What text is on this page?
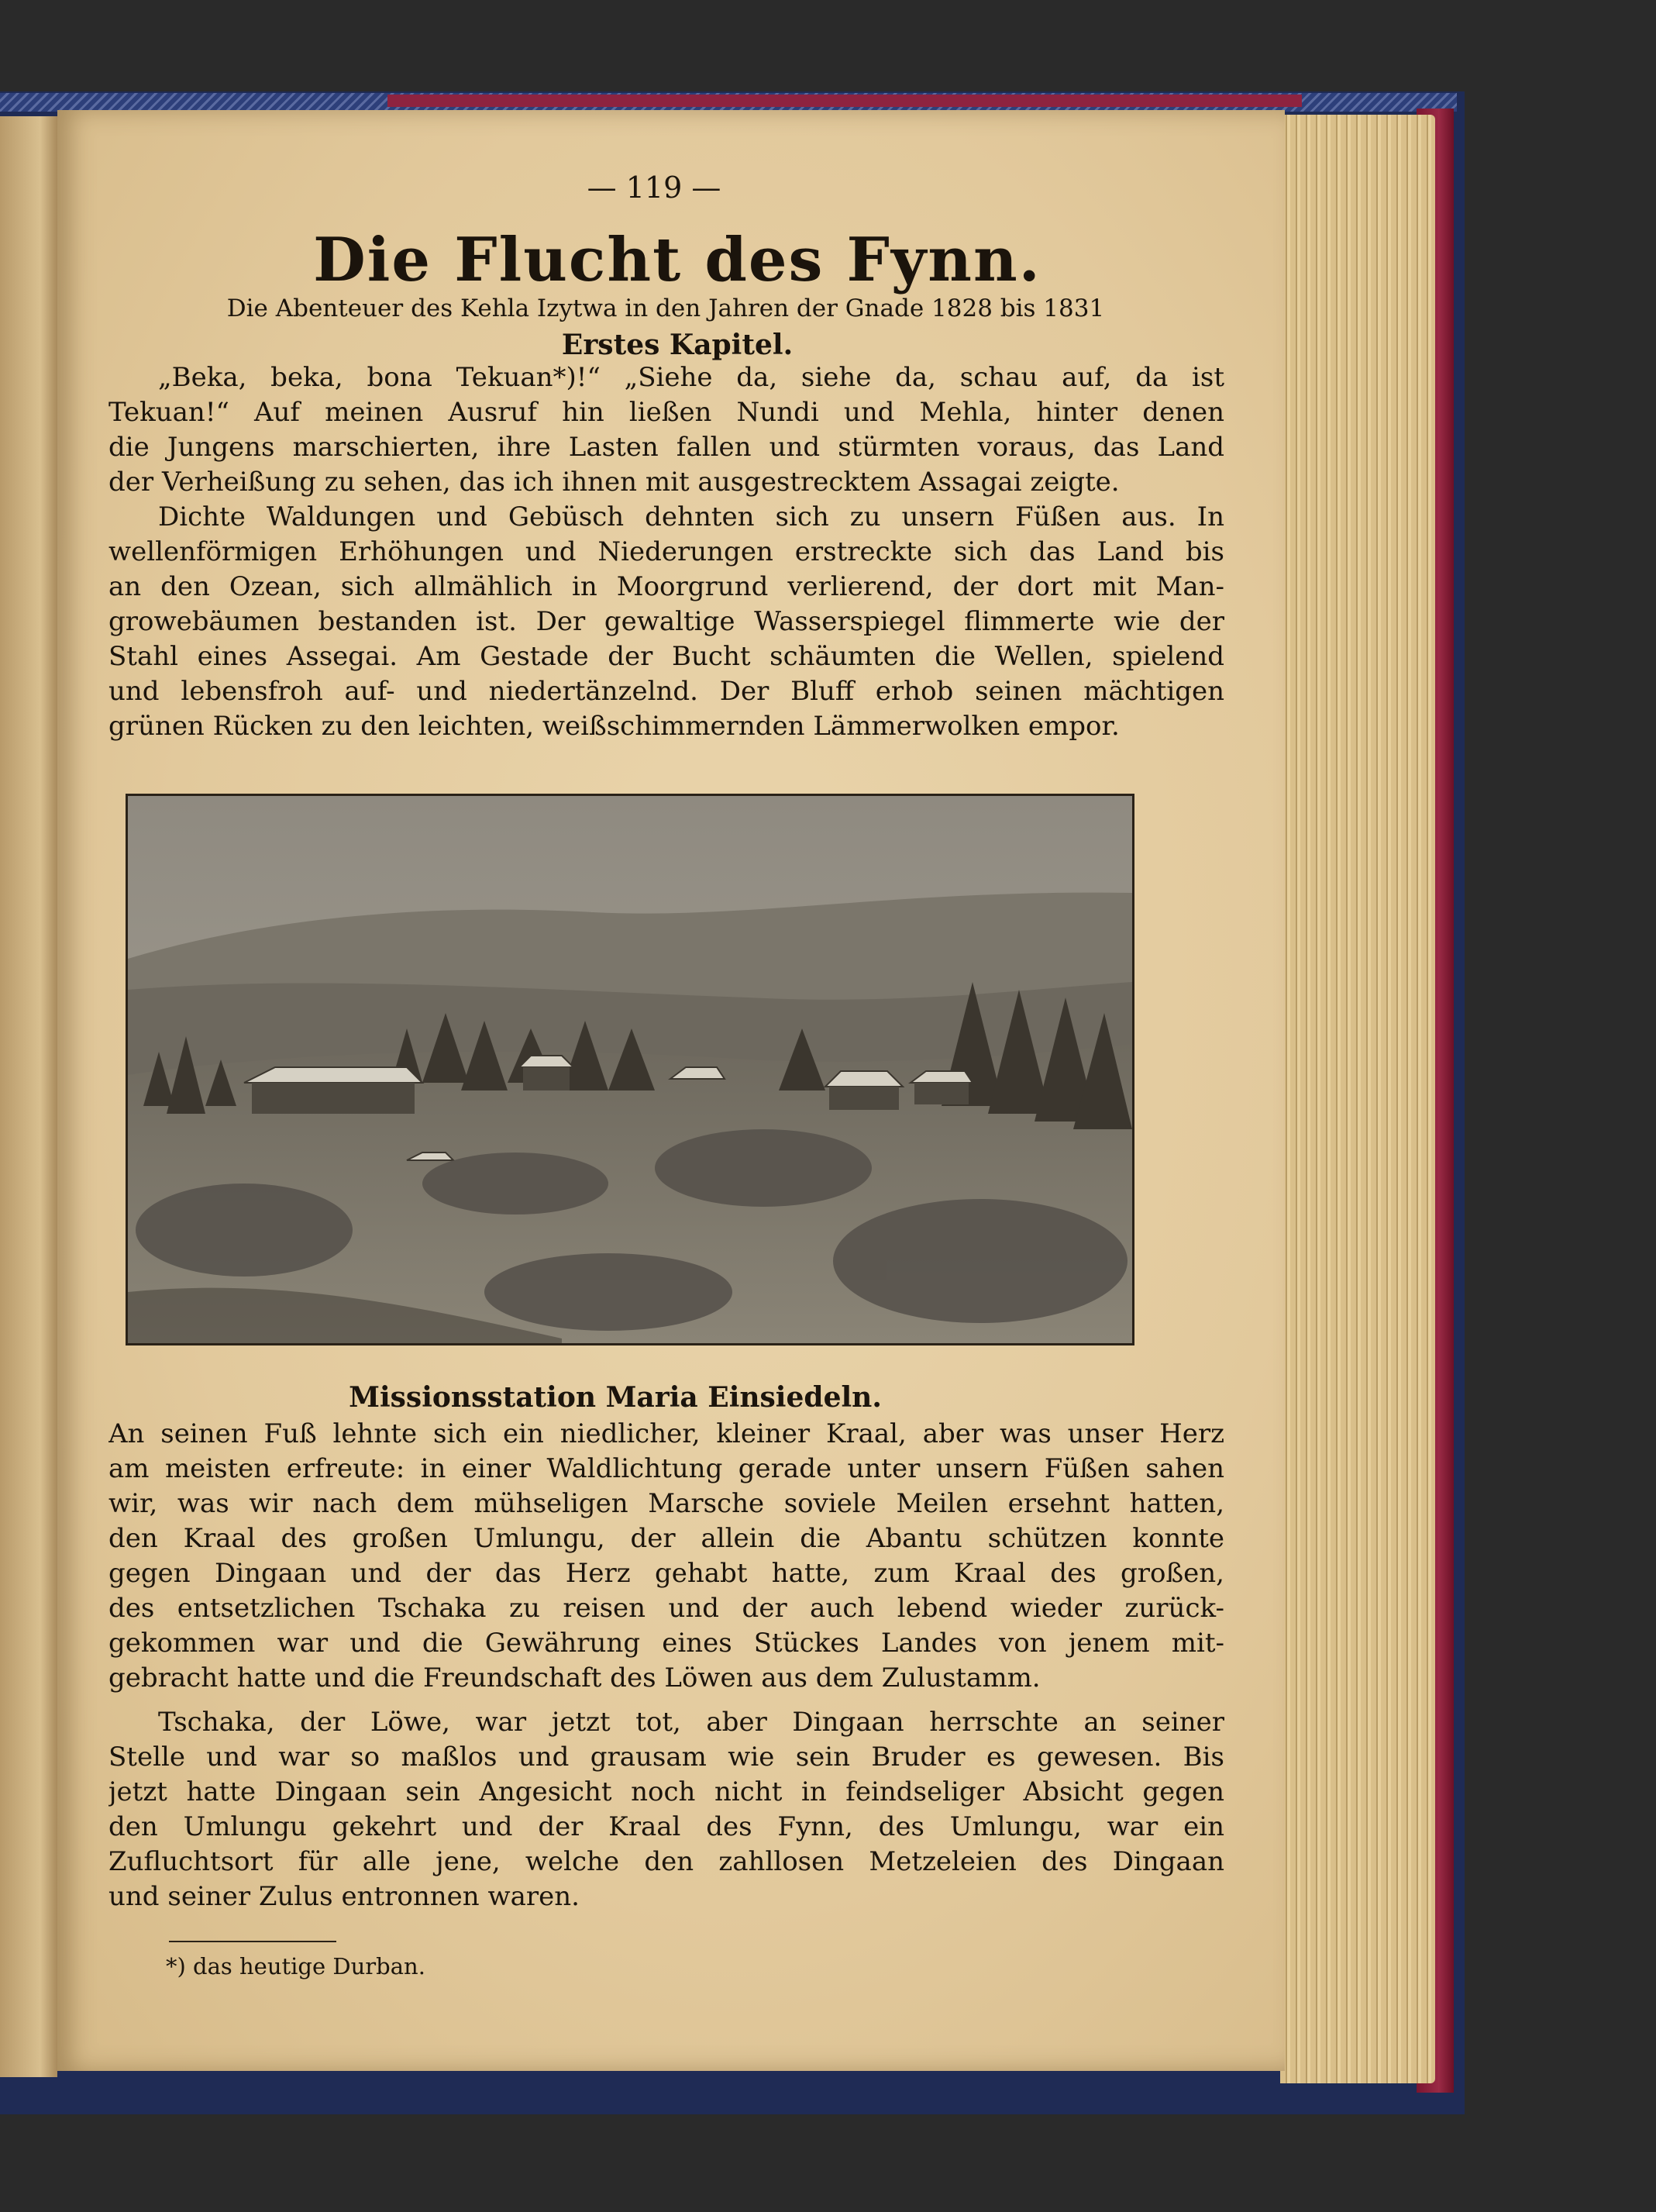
— 119 —
Die Flucht des Fynn.
Die Abenteuer des Kehla Izytwa in den Jahren der Gnade 1828 bis 1831
Erstes Kapitel.
„Beka, beka, bona Tekuan*)!“ „Siehe da, siehe da, schau auf, da ist
Tekuan!“ Auf meinen Ausruf hin ließen Nundi und Mehla, hinter denen
die Jungens marschierten, ihre Lasten fallen und stürmten voraus, das Land
der Verheißung zu sehen, das ich ihnen mit ausgestrecktem Assagai zeigte.
Dichte Waldungen und Gebüsch dehnten sich zu unsern Füßen aus. In
wellenförmigen Erhöhungen und Niederungen erstreckte sich das Land bis
an den Ozean, sich allmählich in Moorgrund verlierend, der dort mit Man-
growebäumen bestanden ist. Der gewaltige Wasserspiegel flimmerte wie der
Stahl eines Assegai. Am Gestade der Bucht schäumten die Wellen, spielend
und lebensfroh auf- und niedertänzelnd. Der Bluff erhob seinen mächtigen
grünen Rücken zu den leichten, weißschimmernden Lämmerwolken empor.
Missionsstation Maria Einsiedeln.
An seinen Fuß lehnte sich ein niedlicher, kleiner Kraal, aber was unser Herz
am meisten erfreute: in einer Waldlichtung gerade unter unsern Füßen sahen
wir, was wir nach dem mühseligen Marsche soviele Meilen ersehnt hatten,
den Kraal des großen Umlungu, der allein die Abantu schützen konnte
gegen Dingaan und der das Herz gehabt hatte, zum Kraal des großen,
des entsetzlichen Tschaka zu reisen und der auch lebend wieder zurück-
gekommen war und die Gewährung eines Stückes Landes von jenem mit-
gebracht hatte und die Freundschaft des Löwen aus dem Zulustamm.
Tschaka, der Löwe, war jetzt tot, aber Dingaan herrschte an seiner
Stelle und war so maßlos und grausam wie sein Bruder es gewesen. Bis
jetzt hatte Dingaan sein Angesicht noch nicht in feindseliger Absicht gegen
den Umlungu gekehrt und der Kraal des Fynn, des Umlungu, war ein
Zufluchtsort für alle jene, welche den zahllosen Metzeleien des Dingaan
und seiner Zulus entronnen waren.
*) das heutige Durban.
